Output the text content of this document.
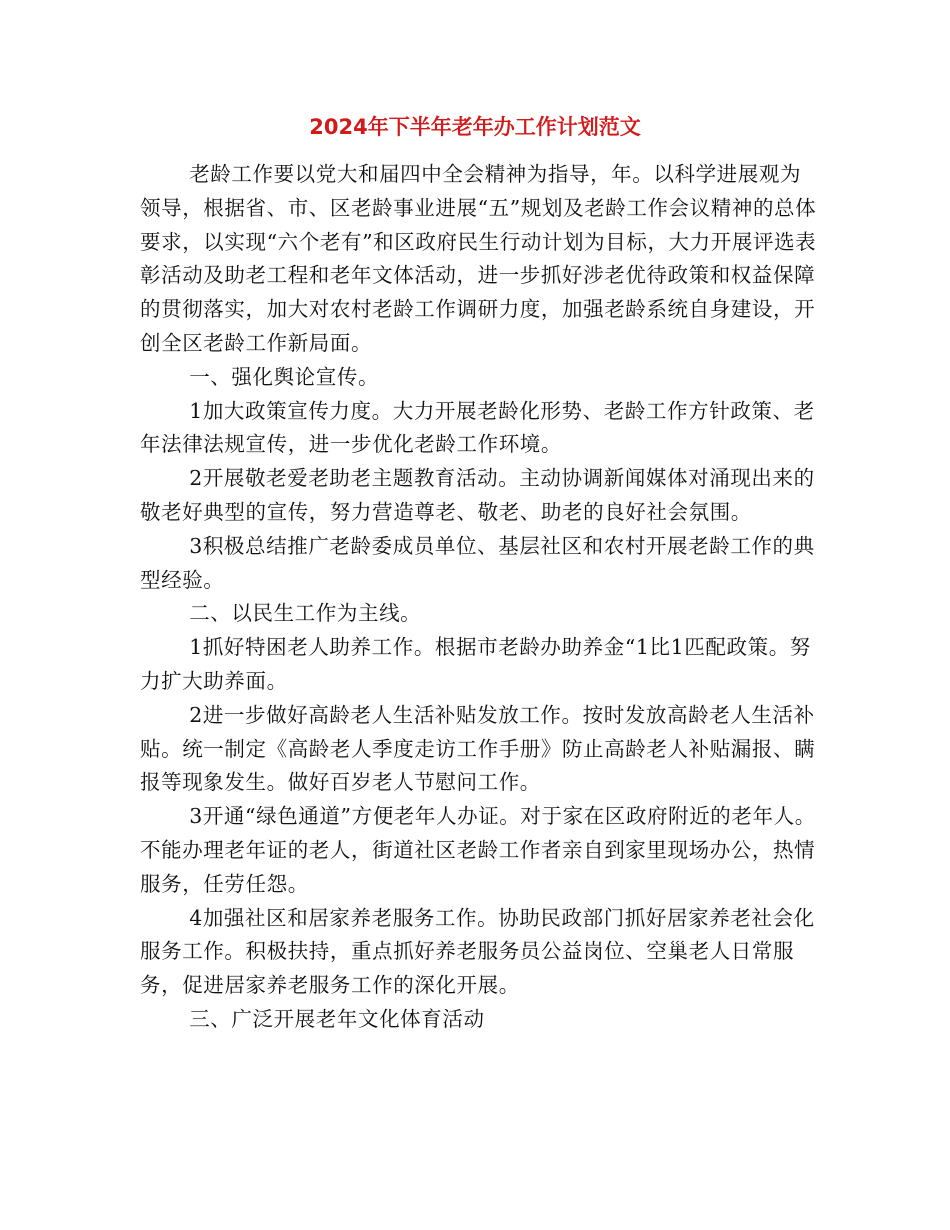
2024年下半年老年办工作计划范文

老龄工作要以党大和届四中全会精神为指导，年。以科学进展观为领导，根据省、市、区老龄事业进展“五”规划及老龄工作会议精神的总体要求，以实现“六个老有”和区政府民生行动计划为目标，大力开展评选表彰活动及助老工程和老年文体活动，进一步抓好涉老优待政策和权益保障的贯彻落实，加大对农村老龄工作调研力度，加强老龄系统自身建设，开创全区老龄工作新局面。

一、强化舆论宣传。

1加大政策宣传力度。大力开展老龄化形势、老龄工作方针政策、老年法律法规宣传，进一步优化老龄工作环境。

2开展敬老爱老助老主题教育活动。主动协调新闻媒体对涌现出来的敬老好典型的宣传，努力营造尊老、敬老、助老的良好社会氛围。

3积极总结推广老龄委成员单位、基层社区和农村开展老龄工作的典型经验。

二、以民生工作为主线。

1抓好特困老人助养工作。根据市老龄办助养金“1比1匹配政策。努力扩大助养面。

2进一步做好高龄老人生活补贴发放工作。按时发放高龄老人生活补贴。统一制定《高龄老人季度走访工作手册》防止高龄老人补贴漏报、瞒报等现象发生。做好百岁老人节慰问工作。

3开通“绿色通道”方便老年人办证。对于家在区政府附近的老年人。不能办理老年证的老人，街道社区老龄工作者亲自到家里现场办公，热情服务，任劳任怨。

4加强社区和居家养老服务工作。协助民政部门抓好居家养老社会化服务工作。积极扶持，重点抓好养老服务员公益岗位、空巢老人日常服务，促进居家养老服务工作的深化开展。

三、广泛开展老年文化体育活动
